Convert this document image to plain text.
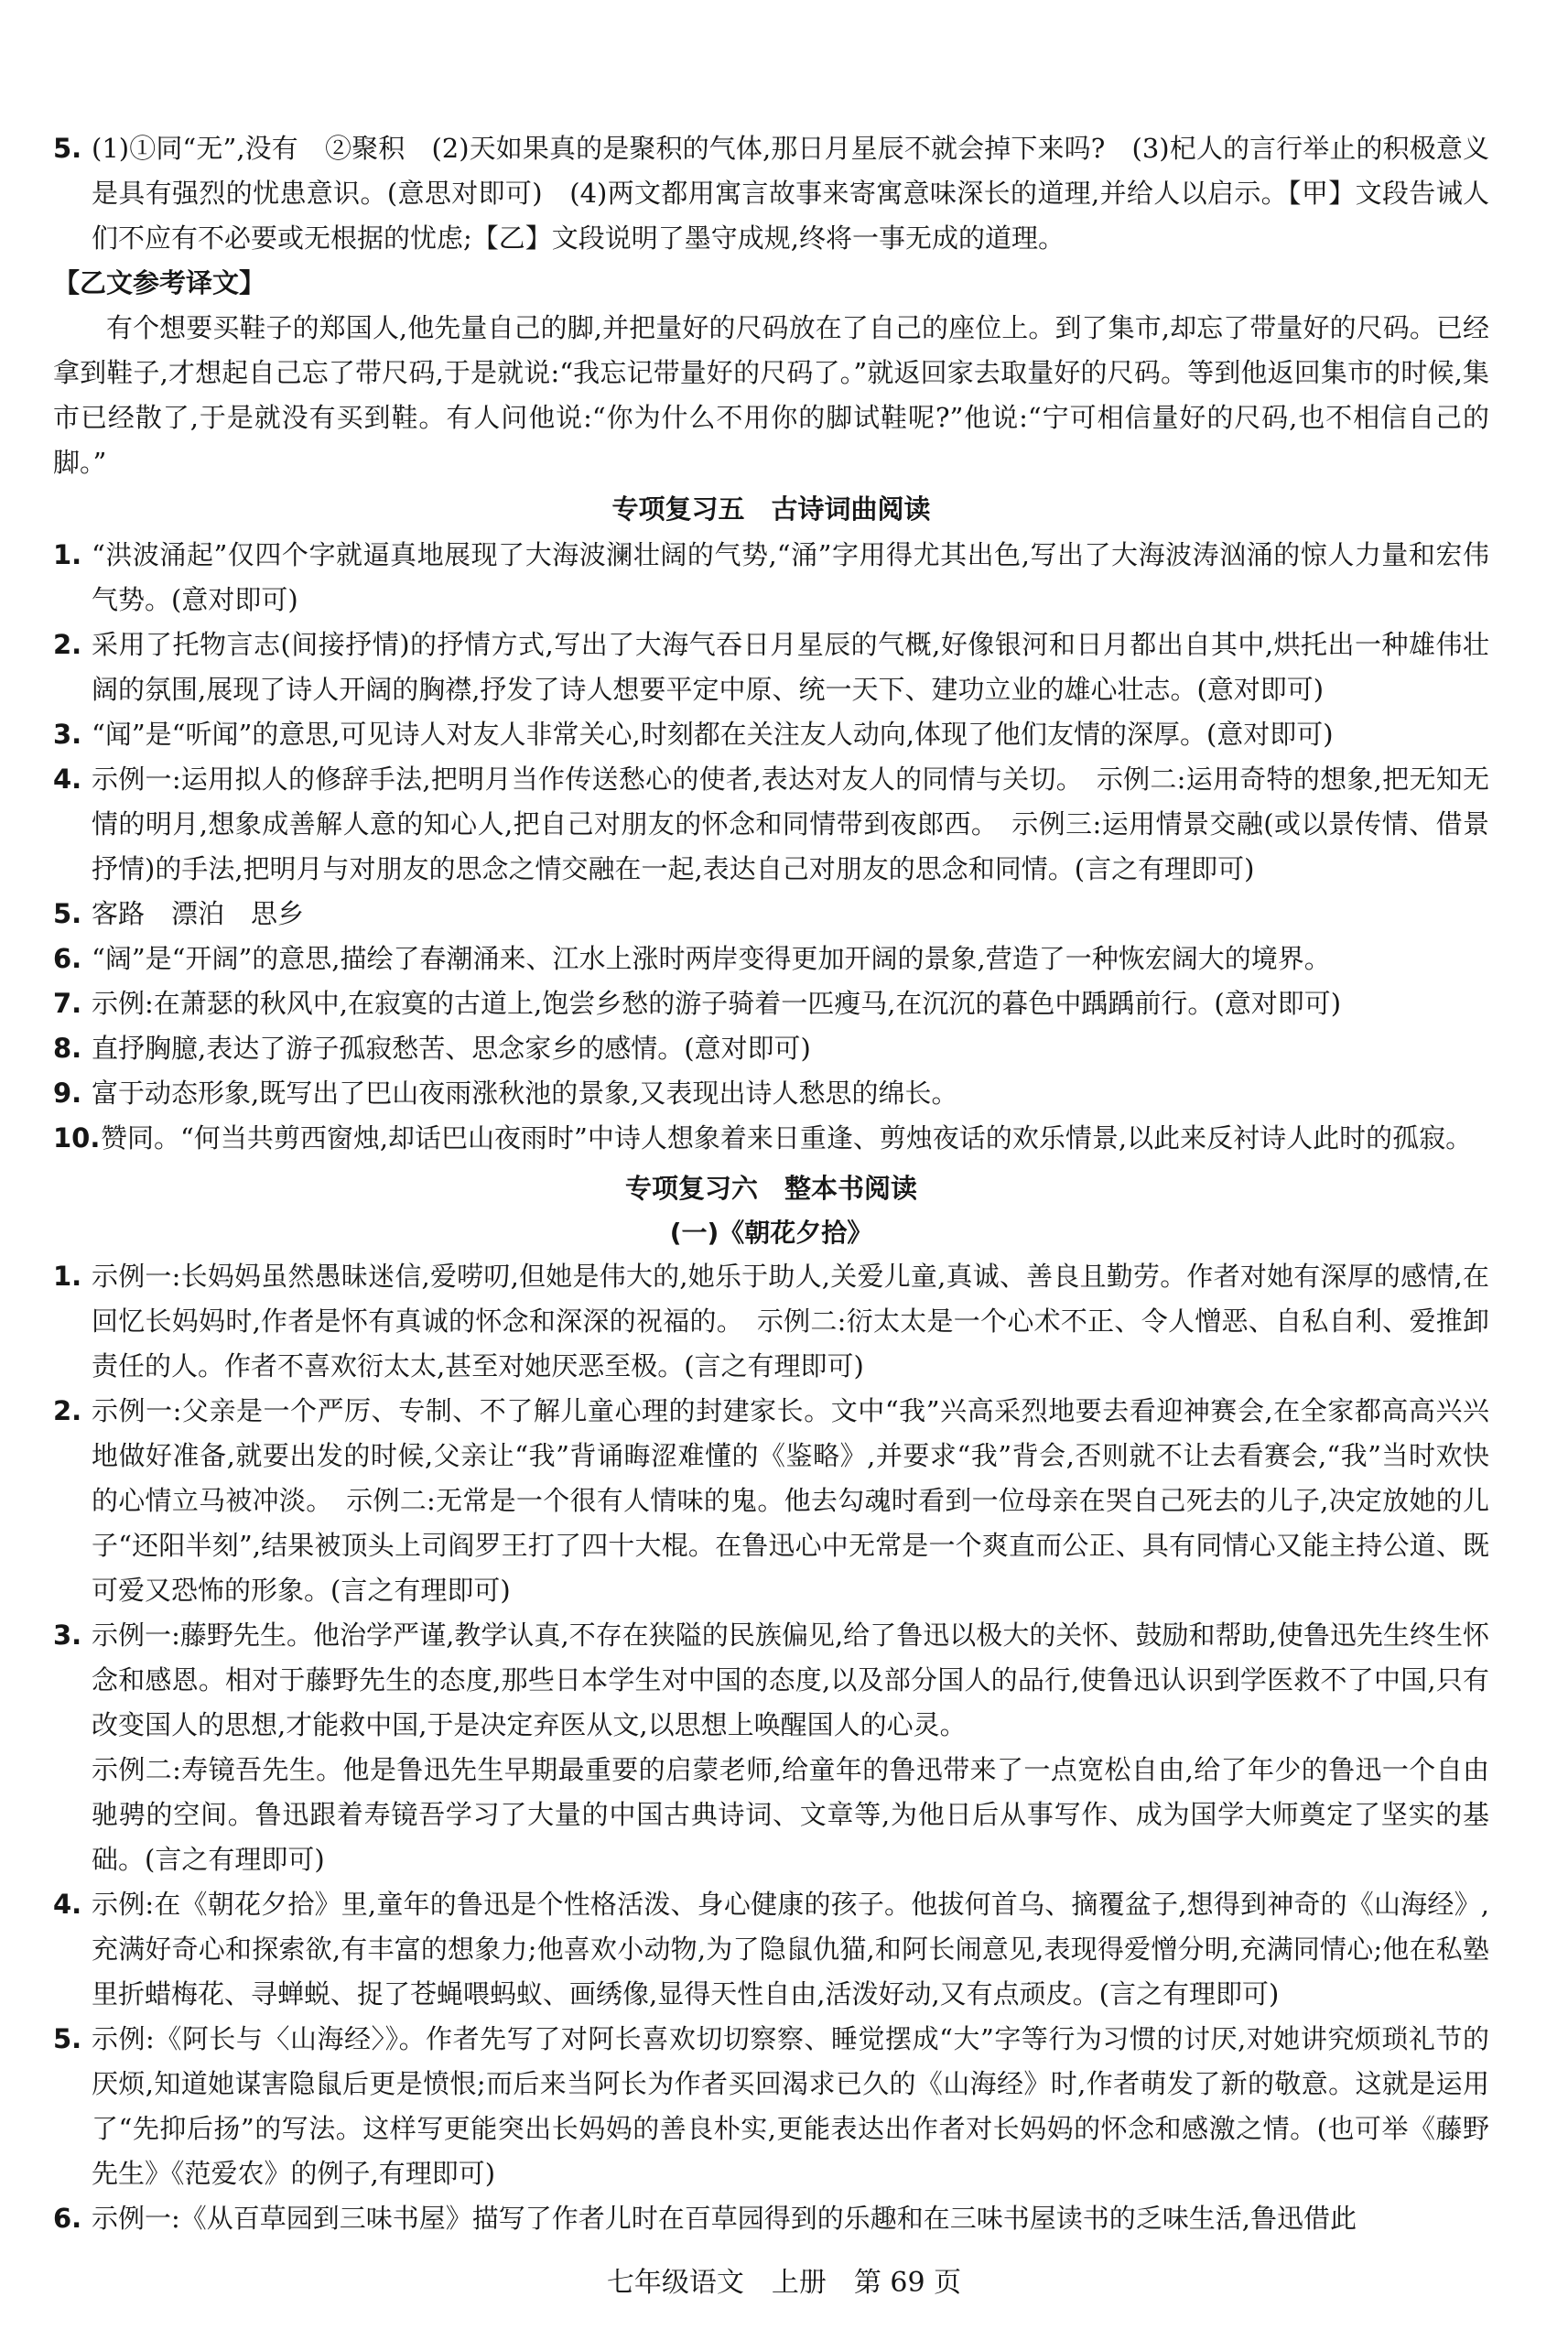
5. (1)①同“无”,没有　②聚积　(2)天如果真的是聚积的气体,那日月星辰不就会掉下来吗?　(3)杞人的言行举止的积极意义是具有强烈的忧患意识。(意思对即可)　(4)两文都用寓言故事来寄寓意味深长的道理,并给人以启示。【甲】文段告诫人们不应有不必要或无根据的忧虑;【乙】文段说明了墨守成规,终将一事无成的道理。
【乙文参考译文】

有个想要买鞋子的郑国人,他先量自己的脚,并把量好的尺码放在了自己的座位上。到了集市,却忘了带量好的尺码。已经拿到鞋子,才想起自己忘了带尺码,于是就说:“我忘记带量好的尺码了。”就返回家去取量好的尺码。等到他返回集市的时候,集市已经散了,于是就没有买到鞋。有人问他说:“你为什么不用你的脚试鞋呢?”他说:“宁可相信量好的尺码,也不相信自己的脚。”

专项复习五　古诗词曲阅读
1. “洪波涌起”仅四个字就逼真地展现了大海波澜壮阔的气势,“涌”字用得尤其出色,写出了大海波涛汹涌的惊人力量和宏伟气势。(意对即可)
2. 采用了托物言志(间接抒情)的抒情方式,写出了大海气吞日月星辰的气概,好像银河和日月都出自其中,烘托出一种雄伟壮阔的氛围,展现了诗人开阔的胸襟,抒发了诗人想要平定中原、统一天下、建功立业的雄心壮志。(意对即可)
3. “闻”是“听闻”的意思,可见诗人对友人非常关心,时刻都在关注友人动向,体现了他们友情的深厚。(意对即可)
4. 示例一:运用拟人的修辞手法,把明月当作传送愁心的使者,表达对友人的同情与关切。　示例二:运用奇特的想象,把无知无情的明月,想象成善解人意的知心人,把自己对朋友的怀念和同情带到夜郎西。　示例三:运用情景交融(或以景传情、借景抒情)的手法,把明月与对朋友的思念之情交融在一起,表达自己对朋友的思念和同情。(言之有理即可)
5. 客路　漂泊　思乡
6. “阔”是“开阔”的意思,描绘了春潮涌来、江水上涨时两岸变得更加开阔的景象,营造了一种恢宏阔大的境界。
7. 示例:在萧瑟的秋风中,在寂寞的古道上,饱尝乡愁的游子骑着一匹瘦马,在沉沉的暮色中踽踽前行。(意对即可)
8. 直抒胸臆,表达了游子孤寂愁苦、思念家乡的感情。(意对即可)
9. 富于动态形象,既写出了巴山夜雨涨秋池的景象,又表现出诗人愁思的绵长。
10. 赞同。“何当共剪西窗烛,却话巴山夜雨时”中诗人想象着来日重逢、剪烛夜话的欢乐情景,以此来反衬诗人此时的孤寂。
专项复习六　整本书阅读
(一)《朝花夕拾》
1. 示例一:长妈妈虽然愚昧迷信,爱唠叨,但她是伟大的,她乐于助人,关爱儿童,真诚、善良且勤劳。作者对她有深厚的感情,在回忆长妈妈时,作者是怀有真诚的怀念和深深的祝福的。　示例二:衍太太是一个心术不正、令人憎恶、自私自利、爱推卸责任的人。作者不喜欢衍太太,甚至对她厌恶至极。(言之有理即可)
2. 示例一:父亲是一个严厉、专制、不了解儿童心理的封建家长。文中“我”兴高采烈地要去看迎神赛会,在全家都高高兴兴地做好准备,就要出发的时候,父亲让“我”背诵晦涩难懂的《鉴略》,并要求“我”背会,否则就不让去看赛会,“我”当时欢快的心情立马被冲淡。　示例二:无常是一个很有人情味的鬼。他去勾魂时看到一位母亲在哭自己死去的儿子,决定放她的儿子“还阳半刻”,结果被顶头上司阎罗王打了四十大棍。在鲁迅心中无常是一个爽直而公正、具有同情心又能主持公道、既可爱又恐怖的形象。(言之有理即可)
3. 示例一:藤野先生。他治学严谨,教学认真,不存在狭隘的民族偏见,给了鲁迅以极大的关怀、鼓励和帮助,使鲁迅先生终生怀念和感恩。相对于藤野先生的态度,那些日本学生对中国的态度,以及部分国人的品行,使鲁迅认识到学医救不了中国,只有改变国人的思想,才能救中国,于是决定弃医从文,以思想上唤醒国人的心灵。

示例二:寿镜吾先生。他是鲁迅先生早期最重要的启蒙老师,给童年的鲁迅带来了一点宽松自由,给了年少的鲁迅一个自由驰骋的空间。鲁迅跟着寿镜吾学习了大量的中国古典诗词、文章等,为他日后从事写作、成为国学大师奠定了坚实的基础。(言之有理即可)

4. 示例:在《朝花夕拾》里,童年的鲁迅是个性格活泼、身心健康的孩子。他拔何首乌、摘覆盆子,想得到神奇的《山海经》,充满好奇心和探索欲,有丰富的想象力;他喜欢小动物,为了隐鼠仇猫,和阿长闹意见,表现得爱憎分明,充满同情心;他在私塾里折蜡梅花、寻蝉蜕、捉了苍蝇喂蚂蚁、画绣像,显得天性自由,活泼好动,又有点顽皮。(言之有理即可)
5. 示例:《阿长与〈山海经〉》。作者先写了对阿长喜欢切切察察、睡觉摆成“大”字等行为习惯的讨厌,对她讲究烦琐礼节的厌烦,知道她谋害隐鼠后更是愤恨;而后来当阿长为作者买回渴求已久的《山海经》时,作者萌发了新的敬意。这就是运用了“先抑后扬”的写法。这样写更能突出长妈妈的善良朴实,更能表达出作者对长妈妈的怀念和感激之情。(也可举《藤野先生》《范爱农》的例子,有理即可)
6. 示例一:《从百草园到三味书屋》描写了作者儿时在百草园得到的乐趣和在三味书屋读书的乏味生活,鲁迅借此
七年级语文　上册　第 69 页
